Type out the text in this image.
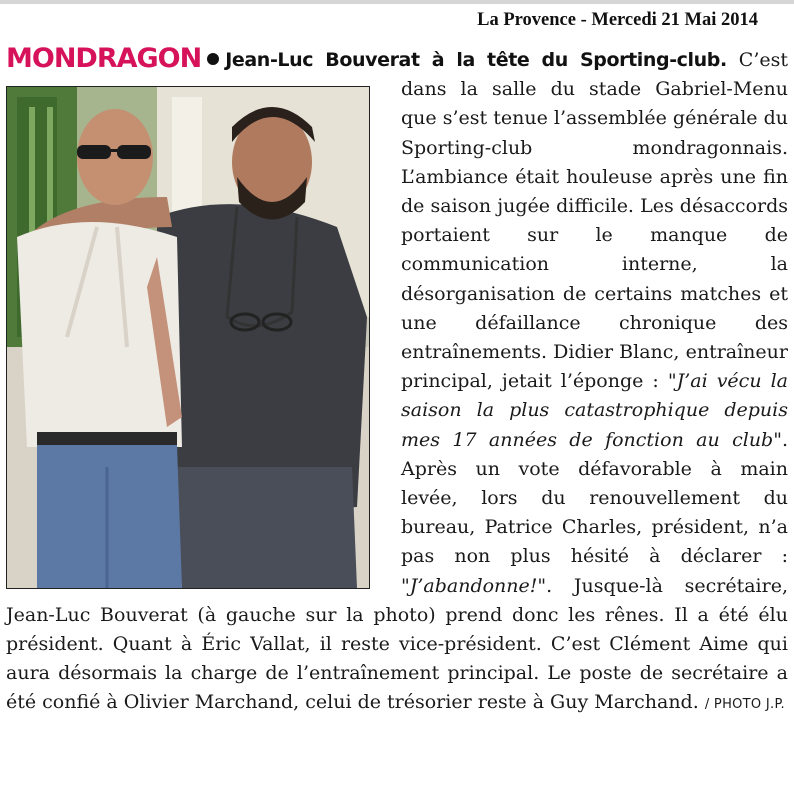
La Provence - Mercedi 21 Mai 2014
MONDRAGON Jean-Luc Bouverat à la tête du Sporting-club.
C’est dans la salle du stade Gabriel-Menu que s’est tenue l’assemblée générale du Sporting-club mondragonnais. L’ambiance était houleuse après une fin de saison jugée difficile. Les désaccords portaient sur le manque de communication interne, la désorganisation de certains matches et une défaillance chronique des entraînements. Didier Blanc, entraîneur principal, jetait l’éponge : "J’ai vécu la saison la plus catastrophique depuis mes 17 années de fonction au club". Après un vote défavorable à main levée, lors du renouvellement du bureau, Patrice Charles, président, n’a pas non plus hésité à déclarer : "J’abandonne!". Jusque-là secrétaire, Jean-Luc Bouverat (à gauche sur la photo) prend donc les rênes. Il a été élu président. Quant à Éric Vallat, il reste vice-président. C’est Clément Aime qui aura désormais la charge de l’entraînement principal. Le poste de secrétaire a été confié à Olivier Marchand, celui de trésorier reste à Guy Marchand. / PHOTO J.P.
